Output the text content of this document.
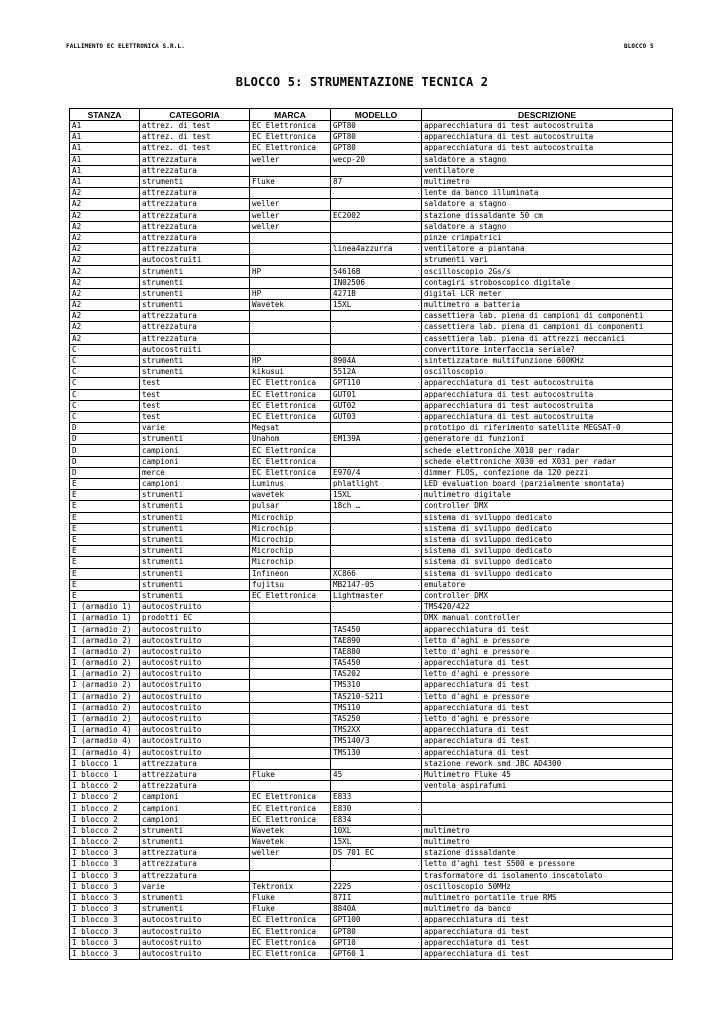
FALLIMENTO EC ELETTRONICA S.R.L.	BLOCCO 5
BLOCCO 5: STRUMENTAZIONE TECNICA 2
STANZA	CATEGORIA	MARCA	MODELLO	DESCRIZIONE
A1	attrez. di test	EC Elettronica	GPT80	apparecchiatura di test autocostruita
A1	attrez. di test	EC Elettronica	GPT80	apparecchiatura di test autocostruita
A1	attrez. di test	EC Elettronica	GPT80	apparecchiatura di test autocostruita
A1	attrezzatura	weller	wecp-20	saldatore a stagno
A1	attrezzatura			ventilatore
A1	strumenti	Fluke	87	multimetro
A2	attrezzatura			lente da banco illuminata
A2	attrezzatura	weller		saldatore a stagno
A2	attrezzatura	weller	EC2002	stazione dissaldante 50 cm
A2	attrezzatura	weller		saldatore a stagno
A2	attrezzatura			pinze crimpatrici
A2	attrezzatura		linea4azzurra	ventilatore a piantana
A2	autocostruiti			strumenti vari
A2	strumenti	HP	54616B	oscilloscopio 2Gs/s
A2	strumenti		IN02506	contagiri stroboscopico digitale
A2	strumenti	HP	4271B	digital LCR meter
A2	strumenti	Wavetek	15XL	multimetro a batteria
A2	attrezzatura			cassettiera lab. piena di campioni di componenti
A2	attrezzatura			cassettiera lab. piena di campioni di componenti
A2	attrezzatura			cassettiera lab. piena di attrezzi meccanici
C	autocostruiti			convertitore interfaccia seriale?
C	strumenti	HP	8904A	sintetizzatore multifunzione 600KHz
C	strumenti	kikusui	5512A	oscilloscopio
C	test	EC Elettronica	GPT110	apparecchiatura di test autocostruita
C	test	EC Elettronica	GUT01	apparecchiatura di test autocostruita
C	test	EC Elettronica	GUT02	apparecchiatura di test autocostruita
C	test	EC Elettronica	GUT03	apparecchiatura di test autocostruita
D	varie	Megsat		prototipo di riferimento satellite MEGSAT-0
D	strumenti	Unahom	EM139A	generatore di funzioni
D	campioni	EC Elettronica		schede elettroniche X010 per radar
D	campioni	EC Elettronica		schede elettroniche X030 ed X031 per radar
D	merce	EC Elettronica	E970/4	dimmer FLOS, confezione da 120 pezzi
E	campioni	Luminus	phlatlight	LED evaluation board (parzialmente smontata)
E	strumenti	wavetek	15XL	multimetro digitale
E	strumenti	pulsar	18ch …	controller DMX
E	strumenti	Microchip		sistema di sviluppo dedicato
E	strumenti	Microchip		sistema di sviluppo dedicato
E	strumenti	Microchip		sistema di sviluppo dedicato
E	strumenti	Microchip		sistema di sviluppo dedicato
E	strumenti	Microchip		sistema di sviluppo dedicato
E	strumenti	Infineon	XC866	sistema di sviluppo dedicato
E	strumenti	fujitsu	MB2147-05	emulatore
E	strumenti	EC Elettronica	Lightmaster	controller DMX
I (armadio 1)	autocostruito			TMS420/422
I (armadio 1)	prodotti EC			DMX manual controller
I (armadio 2)	autocostruito		TAS450	apparecchiatura di test
I (armadio 2)	autocostruito		TAE890	letto d'aghi e pressore
I (armadio 2)	autocostruito		TAE880	letto d'aghi e pressore
I (armadio 2)	autocostruito		TAS450	apparecchiatura di test
I (armadio 2)	autocostruito		TAS202	letto d'aghi e pressore
I (armadio 2)	autocostruito		TMS310	apparecchiatura di test
I (armadio 2)	autocostruito		TAS210-S211	letto d'aghi e pressore
I (armadio 2)	autocostruito		TMS110	apparecchiatura di test
I (armadio 2)	autocostruito		TAS250	letto d'aghi e pressore
I (armadio 4)	autocostruito		TMS2XX	apparecchiatura di test
I (armadio 4)	autocostruito		TMS140/3	apparecchiatura di test
I (armadio 4)	autocostruito		TMS130	apparecchiatura di test
I blocco 1	attrezzatura			stazione rework smd JBC AD4300
I blocco 1	attrezzatura	Fluke	45	Multimetro Fluke 45
I blocco 2	attrezzatura			ventola aspirafumi
I blocco 2	campioni	EC Elettronica	E833	
I blocco 2	campioni	EC Elettronica	E830	
I blocco 2	campioni	EC Elettronica	E834	
I blocco 2	strumenti	Wavetek	10XL	multimetro
I blocco 2	strumenti	Wavetek	15XL	multimetro
I blocco 3	attrezzatura	weller	DS 701 EC	stazione dissaldante
I blocco 3	attrezzatura			letto d'aghi test S500 e pressore
I blocco 3	attrezzatura			trasformatore di isolamento inscatolato
I blocco 3	varie	Tektronix	2225	oscilloscopio 50MHz
I blocco 3	strumenti	Fluke	87II	multimetro portatile true RMS
I blocco 3	strumenti	Fluke	8840A	multimetro da banco
I blocco 3	autocostruito	EC Elettronica	GPT100	apparecchiatura di test
I blocco 3	autocostruito	EC Elettronica	GPT80	apparecchiatura di test
I blocco 3	autocostruito	EC Elettronica	GPT10	apparecchiatura di test
I blocco 3	autocostruito	EC Elettronica	GPT60	apparecchiatura di test
1
